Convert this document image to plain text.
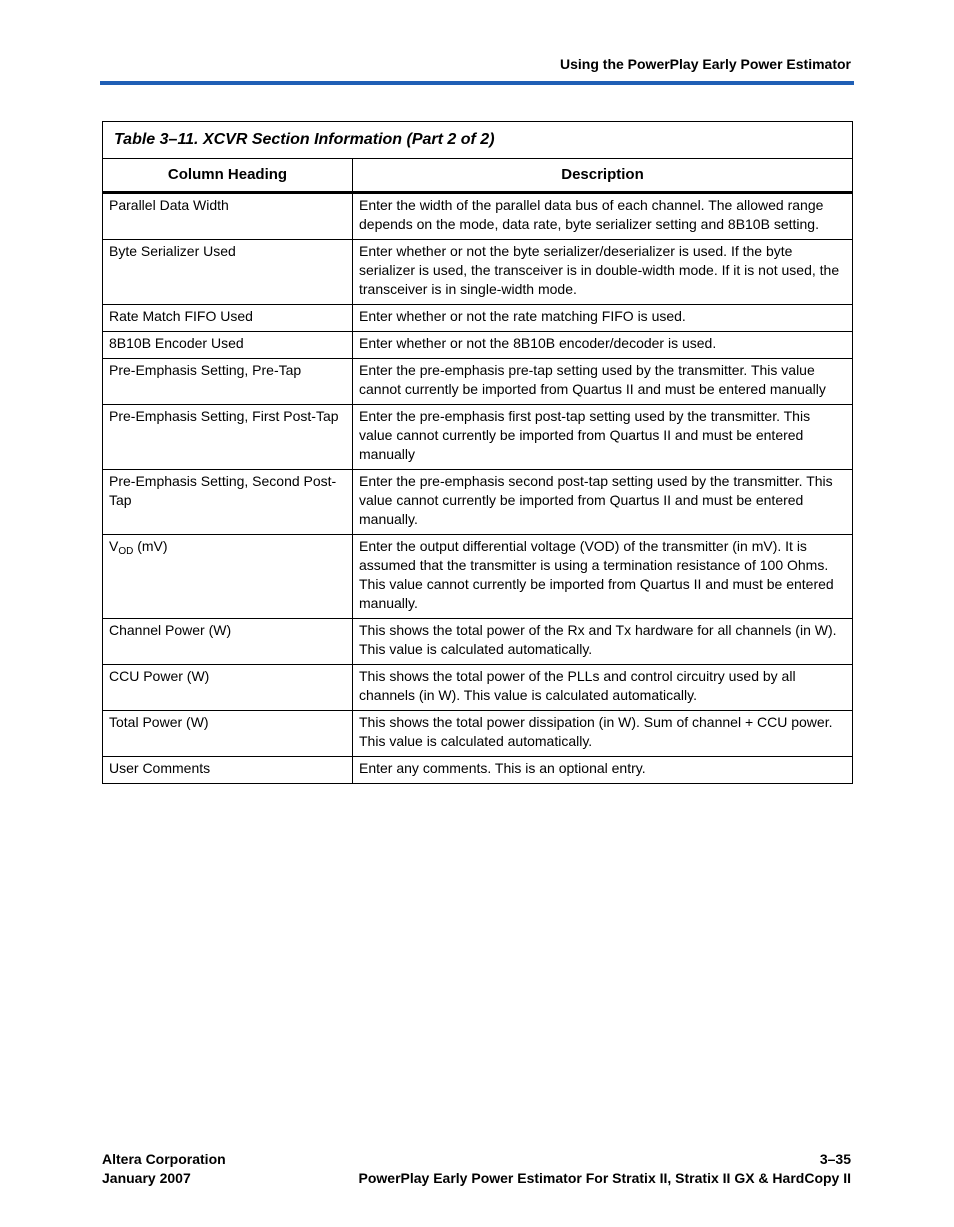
Using the PowerPlay Early Power Estimator
Table 3–11. XCVR Section Information (Part 2 of 2)	
Column Heading	Description
Parallel Data Width	Enter the width of the parallel data bus of each channel. The allowed range depends on the mode, data rate, byte serializer setting and 8B10B setting.
Byte Serializer Used	Enter whether or not the byte serializer/deserializer is used. If the byte serializer is used, the transceiver is in double-width mode. If it is not used, the transceiver is in single-width mode.
Rate Match FIFO Used	Enter whether or not the rate matching FIFO is used.
8B10B Encoder Used	Enter whether or not the 8B10B encoder/decoder is used.
Pre-Emphasis Setting, Pre-Tap	Enter the pre-emphasis pre-tap setting used by the transmitter. This value cannot currently be imported from Quartus II and must be entered manually
Pre-Emphasis Setting, First Post-Tap	Enter the pre-emphasis first post-tap setting used by the transmitter. This value cannot currently be imported from Quartus II and must be entered manually
Pre-Emphasis Setting, Second Post-Tap	Enter the pre-emphasis second post-tap setting used by the transmitter. This value cannot currently be imported from Quartus II and must be entered manually.
$V_{OD}$ (mV)	Enter the output differential voltage (VOD) of the transmitter (in mV). It is assumed that the transmitter is using a termination resistance of 100 Ohms. This value cannot currently be imported from Quartus II and must be entered manually.
Channel Power (W)	This shows the total power of the Rx and Tx hardware for all channels (in W). This value is calculated automatically.
CCU Power (W)	This shows the total power of the PLLs and control circuitry used by all channels (in W). This value is calculated automatically.
Total Power (W)	This shows the total power dissipation (in W). Sum of channel + CCU power. This value is calculated automatically.
User Comments	Enter any comments. This is an optional entry.
Altera Corporation
January 2007
3–35
PowerPlay Early Power Estimator For Stratix II, Stratix II GX & HardCopy II
